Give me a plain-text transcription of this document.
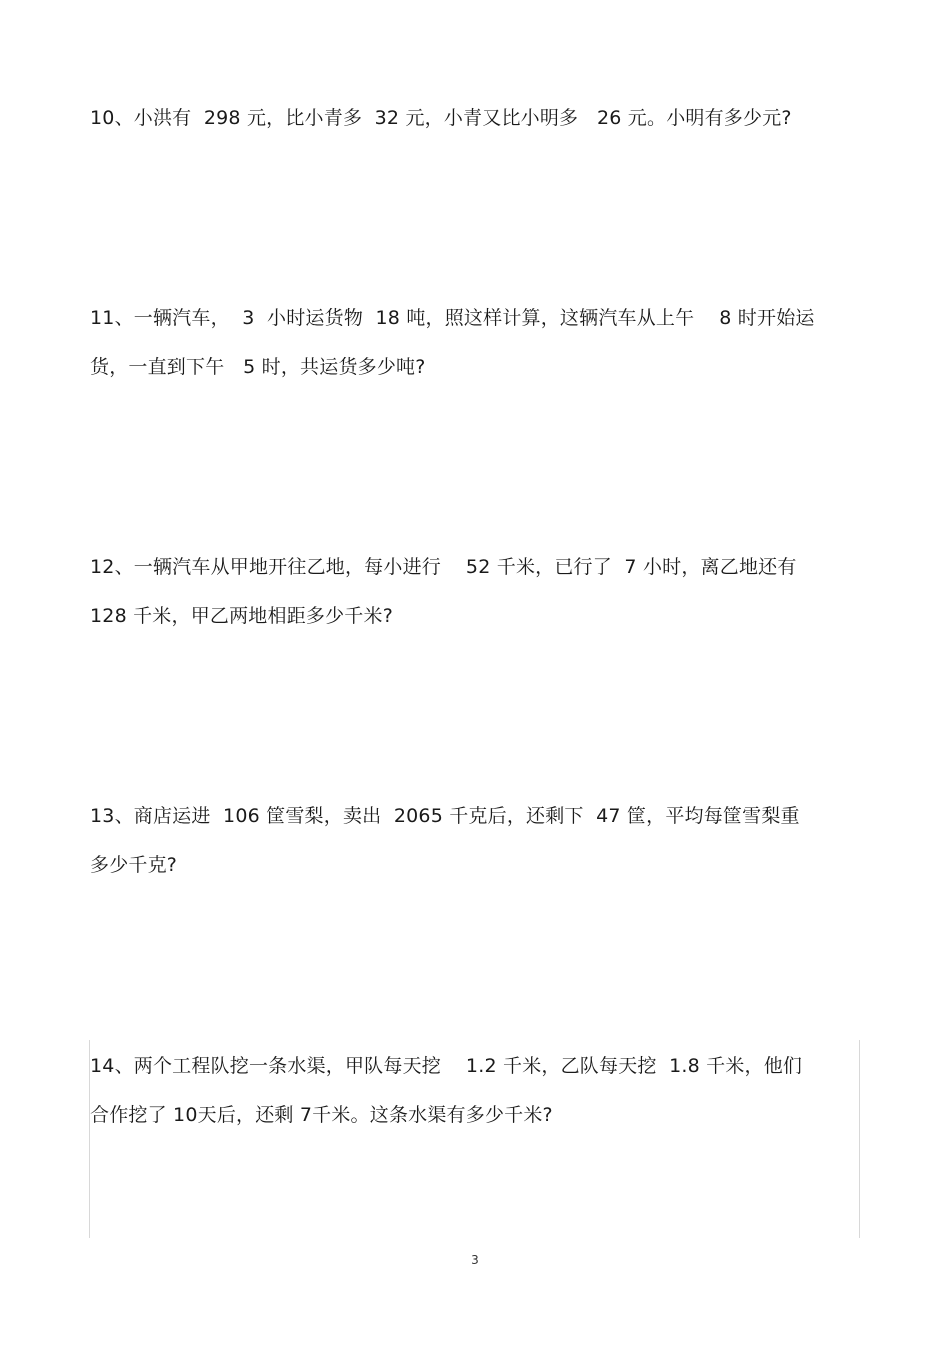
10、小洪有  298 元，比小青多  32 元，小青又比小明多   26 元。小明有多少元?
11、一辆汽车，  3  小时运货物  18 吨，照这样计算，这辆汽车从上午    8 时开始运
货，一直到下午   5 时，共运货多少吨?
12、一辆汽车从甲地开往乙地，每小进行    52 千米，已行了  7 小时，离乙地还有
128 千米，甲乙两地相距多少千米?
13、商店运进  106 筐雪梨，卖出  2065 千克后，还剩下  47 筐，平均每筐雪梨重
多少千克?
14、两个工程队挖一条水渠，甲队每天挖    1.2 千米，乙队每天挖  1.8 千米，他们
合作挖了 10天后，还剩 7千米。这条水渠有多少千米?
3
